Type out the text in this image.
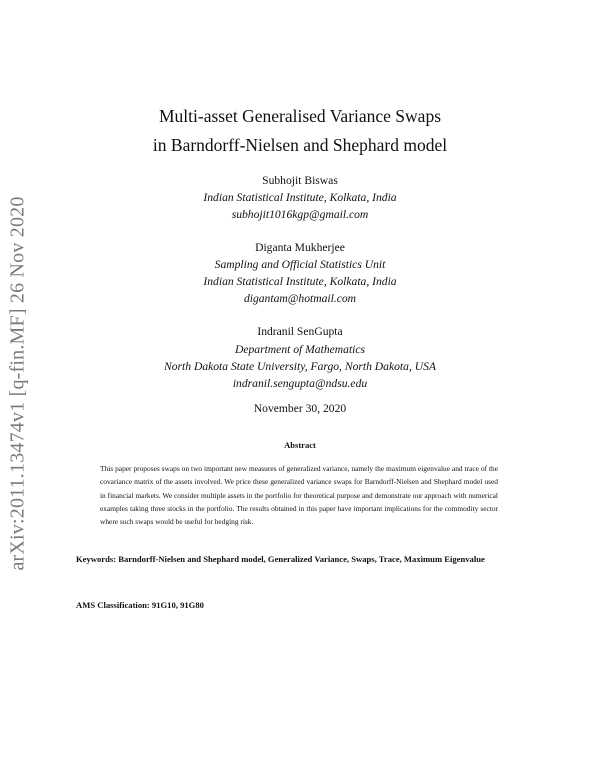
arXiv:2011.13474v1 [q-fin.MF] 26 Nov 2020
Multi-asset Generalised Variance Swaps
in Barndorff-Nielsen and Shephard model
Subhojit Biswas
Indian Statistical Institute, Kolkata, India
subhojit1016kgp@gmail.com
Diganta Mukherjee
Sampling and Official Statistics Unit
Indian Statistical Institute, Kolkata, India
digantam@hotmail.com
Indranil SenGupta
Department of Mathematics
North Dakota State University, Fargo, North Dakota, USA
indranil.sengupta@ndsu.edu
November 30, 2020
Abstract
This paper proposes swaps on two important new measures of generalized variance, namely the maximum eigenvalue and trace of the covariance matrix of the assets involved. We price these generalized variance swaps for Barndorff-Nielsen and Shephard model used in financial markets. We consider multiple assets in the portfolio for theoretical purpose and demonstrate our approach with numerical examples taking three stocks in the portfolio. The results obtained in this paper have important implications for the commodity sector where such swaps would be useful for hedging risk.
Keywords: Barndorff-Nielsen and Shephard model, Generalized Variance, Swaps, Trace, Maximum Eigenvalue
AMS Classification: 91G10, 91G80
